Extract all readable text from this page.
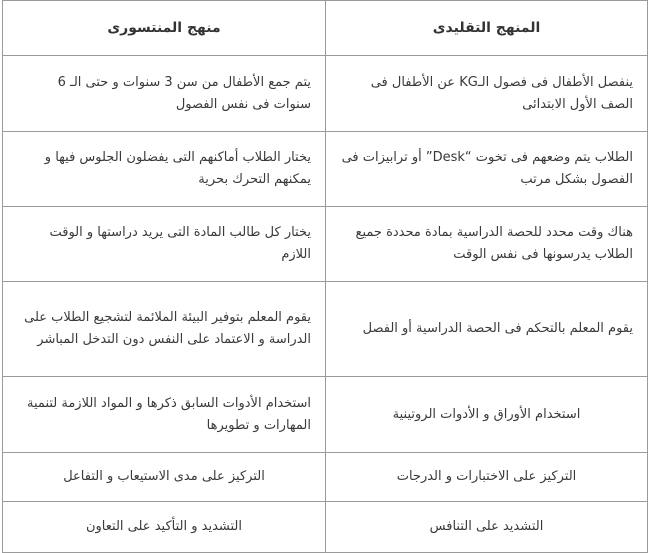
المنهج التقليدى	منهج المنتسورى
ينفصل الأطفال فى فصول الـKG عن الأطفال فى الصف الأول الابتدائى	يتم جمع الأطفال من سن 3 سنوات و حتى الـ 6 سنوات فى نفس الفصول
الطلاب يتم وضعهم فى تخوت “Desk” أو ترابيزات فى الفصول بشكل مرتب	يختار الطلاب أماكنهم التى يفضلون الجلوس فيها و يمكنهم التحرك بحرية
هناك وقت محدد للحصة الدراسية بمادة محددة جميع الطلاب يدرسونها فى نفس الوقت	يختار كل طالب المادة التى يريد دراستها و الوقت اللازم
يقوم المعلم بالتحكم فى الحصة الدراسية أو الفصل	يقوم المعلم بتوفير البيئة الملائمة لتشجيع الطلاب على الدراسة و الاعتماد على النفس دون التدخل المباشر
استخدام الأوراق و الأدوات الروتينية	استخدام الأدوات السابق ذكرها و المواد اللازمة لتنمية المهارات و تطويرها
التركيز على الاختبارات و الدرجات	التركيز على مدى الاستيعاب و التفاعل
التشديد على التنافس	التشديد و التأكيد على التعاون
